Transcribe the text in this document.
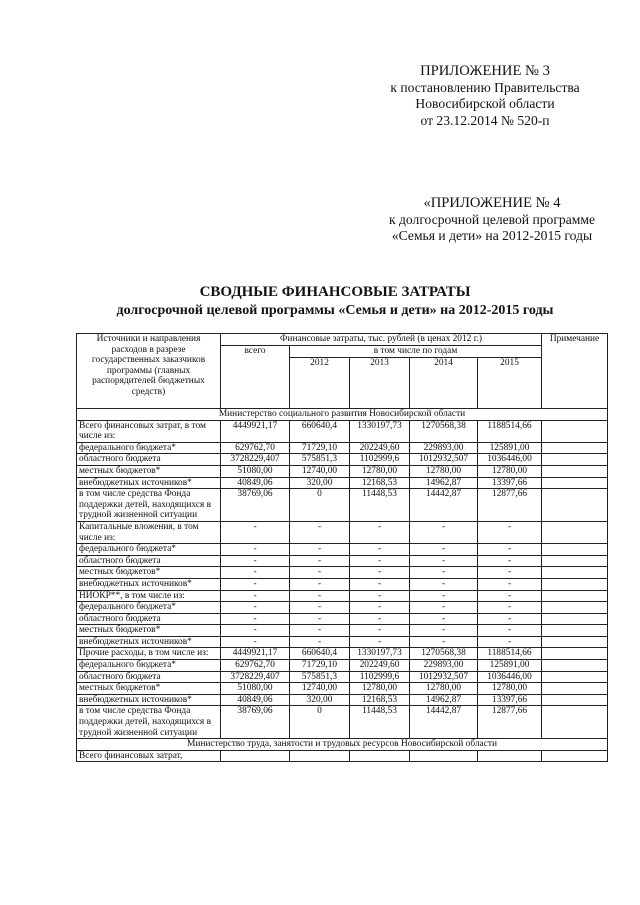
ПРИЛОЖЕНИЕ № 3
к постановлению Правительства
Новосибирской области
от 23.12.2014 № 520-п
«ПРИЛОЖЕНИЕ № 4
к долгосрочной целевой программе
«Семья и дети» на 2012-2015 годы
СВОДНЫЕ ФИНАНСОВЫЕ ЗАТРАТЫ
долгосрочной целевой программы «Семья и дети» на 2012-2015 годы
Источники и направления расходов в разрезе государственных заказчиков программы (главных распорядителей бюджетных средств)	Финансовые затраты, тыс. рублей (в ценах 2012 г.)					Примечание
	всего	в том числе по годам				
		2012	2013	2014	2015	
Министерство социального развития Новосибирской области						
Всего финансовых затрат, в том числе из:	4449921,17	660640,4	1330197,73	1270568,38	1188514,66	
федерального бюджета*	629762,70	71729,10	202249,60	229893,00	125891,00	
областного бюджета	3728229,407	575851,3	1102999,6	1012932,507	1036446,00	
местных бюджетов*	51080,00	12740,00	12780,00	12780,00	12780,00	
внебюджетных источников*	40849,06	320,00	12168,53	14962,87	13397,66	
в том числе средства Фонда поддержки детей, находящихся в трудной жизненной ситуации	38769,06	0	11448,53	14442,87	12877,66	
Капитальные вложения, в том числе из:	-	-	-	-	-	
федерального бюджета*	-	-	-	-	-	
областного бюджета	-	-	-	-	-	
местных бюджетов*	-	-	-	-	-	
внебюджетных источников*	-	-	-	-	-	
НИОКР**, в том числе из:	-	-	-	-	-	
федерального бюджета*	-	-	-	-	-	
областного бюджета	-	-	-	-	-	
местных бюджетов*	-	-	-	-	-	
внебюджетных источников*	-	-	-	-	-	
Прочие расходы, в том числе из:	4449921,17	660640,4	1330197,73	1270568,38	1188514,66	
федерального бюджета*	629762,70	71729,10	202249,60	229893,00	125891,00	
областного бюджета	3728229,407	575851,3	1102999,6	1012932,507	1036446,00	
местных бюджетов*	51080,00	12740,00	12780,00	12780,00	12780,00	
внебюджетных источников*	40849,06	320,00	12168,53	14962,87	13397,66	
в том числе средства Фонда поддержки детей, находящихся в трудной жизненной ситуации	38769,06	0	11448,53	14442,87	12877,66	
Министерство труда, занятости и трудовых ресурсов Новосибирской области						
Всего финансовых затрат,						
